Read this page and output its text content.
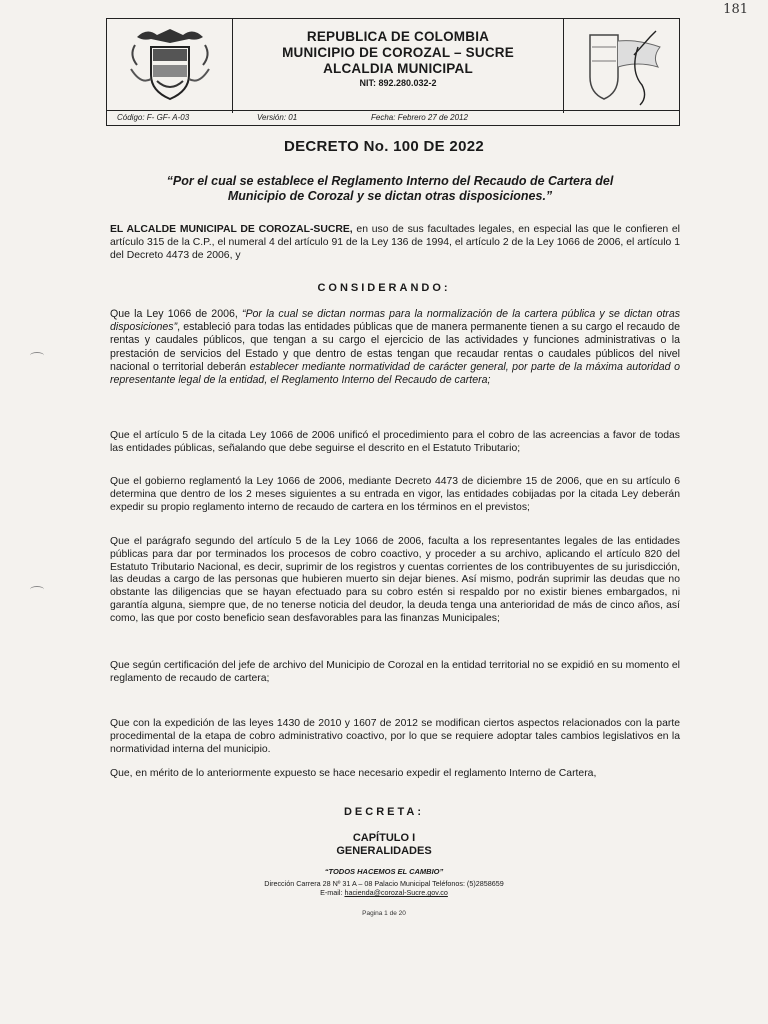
181
REPUBLICA DE COLOMBIA
MUNICIPIO DE COROZAL – SUCRE
ALCALDIA MUNICIPAL
NIT: 892.280.032-2
Código: F- GF- A-03	Versión: 01	Fecha: Febrero 27 de 2012
DECRETO No. 100 DE 2022
“Por el cual se establece el Reglamento Interno del Recaudo de Cartera del
Municipio de Corozal y se dictan otras disposiciones.”
EL ALCALDE MUNICIPAL DE COROZAL-SUCRE, en uso de sus facultades legales, en especial las que le confieren el artículo 315 de la C.P., el numeral 4 del artículo 91 de la Ley 136 de 1994, el artículo 2 de la Ley 1066 de 2006, el artículo 1 del Decreto 4473 de 2006, y
CONSIDERANDO:
Que la Ley 1066 de 2006, “Por la cual se dictan normas para la normalización de la cartera pública y se dictan otras disposiciones”, estableció para todas las entidades públicas que de manera permanente tienen a su cargo el recaudo de rentas y caudales públicos, que tengan a su cargo el ejercicio de las actividades y funciones administrativas o la prestación de servicios del Estado y que dentro de estas tengan que recaudar rentas o caudales públicos del nivel nacional o territorial deberán establecer mediante normatividad de carácter general, por parte de la máxima autoridad o representante legal de la entidad, el Reglamento Interno del Recaudo de cartera;
Que el artículo 5 de la citada Ley 1066 de 2006 unificó el procedimiento para el cobro de las acreencias a favor de todas las entidades públicas, señalando que debe seguirse el descrito en el Estatuto Tributario;
Que el gobierno reglamentó la Ley 1066 de 2006, mediante Decreto 4473 de diciembre 15 de 2006, que en su artículo 6 determina que dentro de los 2 meses siguientes a su entrada en vigor, las entidades cobijadas por la citada Ley deberán expedir su propio reglamento interno de recaudo de cartera en los términos en el previstos;
Que el parágrafo segundo del artículo 5 de la Ley 1066 de 2006, faculta a los representantes legales de las entidades públicas para dar por terminados los procesos de cobro coactivo, y proceder a su archivo, aplicando el artículo 820 del Estatuto Tributario Nacional, es decir, suprimir de los registros y cuentas corrientes de los contribuyentes de su jurisdicción, las deudas a cargo de las personas que hubieren muerto sin dejar bienes. Así mismo, podrán suprimir las deudas que no obstante las diligencias que se hayan efectuado para su cobro estén si respaldo por no existir bienes embargados, ni garantía alguna, siempre que, de no tenerse noticia del deudor, la deuda tenga una anterioridad de más de cinco años, así como, las que por costo beneficio sean desfavorables para las finanzas Municipales;
Que según certificación del jefe de archivo del Municipio de Corozal en la entidad territorial no se expidió en su momento el reglamento de recaudo de cartera;
Que con la expedición de las leyes 1430 de 2010 y 1607 de 2012 se modifican ciertos aspectos relacionados con la parte procedimental de la etapa de cobro administrativo coactivo, por lo que se requiere adoptar tales cambios legislativos en la normatividad interna del municipio.
Que, en mérito de lo anteriormente expuesto se hace necesario expedir el reglamento Interno de Cartera,
DECRETA:
CAPÍTULO I
GENERALIDADES
“TODOS HACEMOS EL CAMBIO”
Dirección Carrera 28 Nº 31 A – 08 Palacio Municipal Teléfonos: (5)2858659
E-mail: hacienda@corozal-Sucre.gov.co
Pagina 1 de 20
